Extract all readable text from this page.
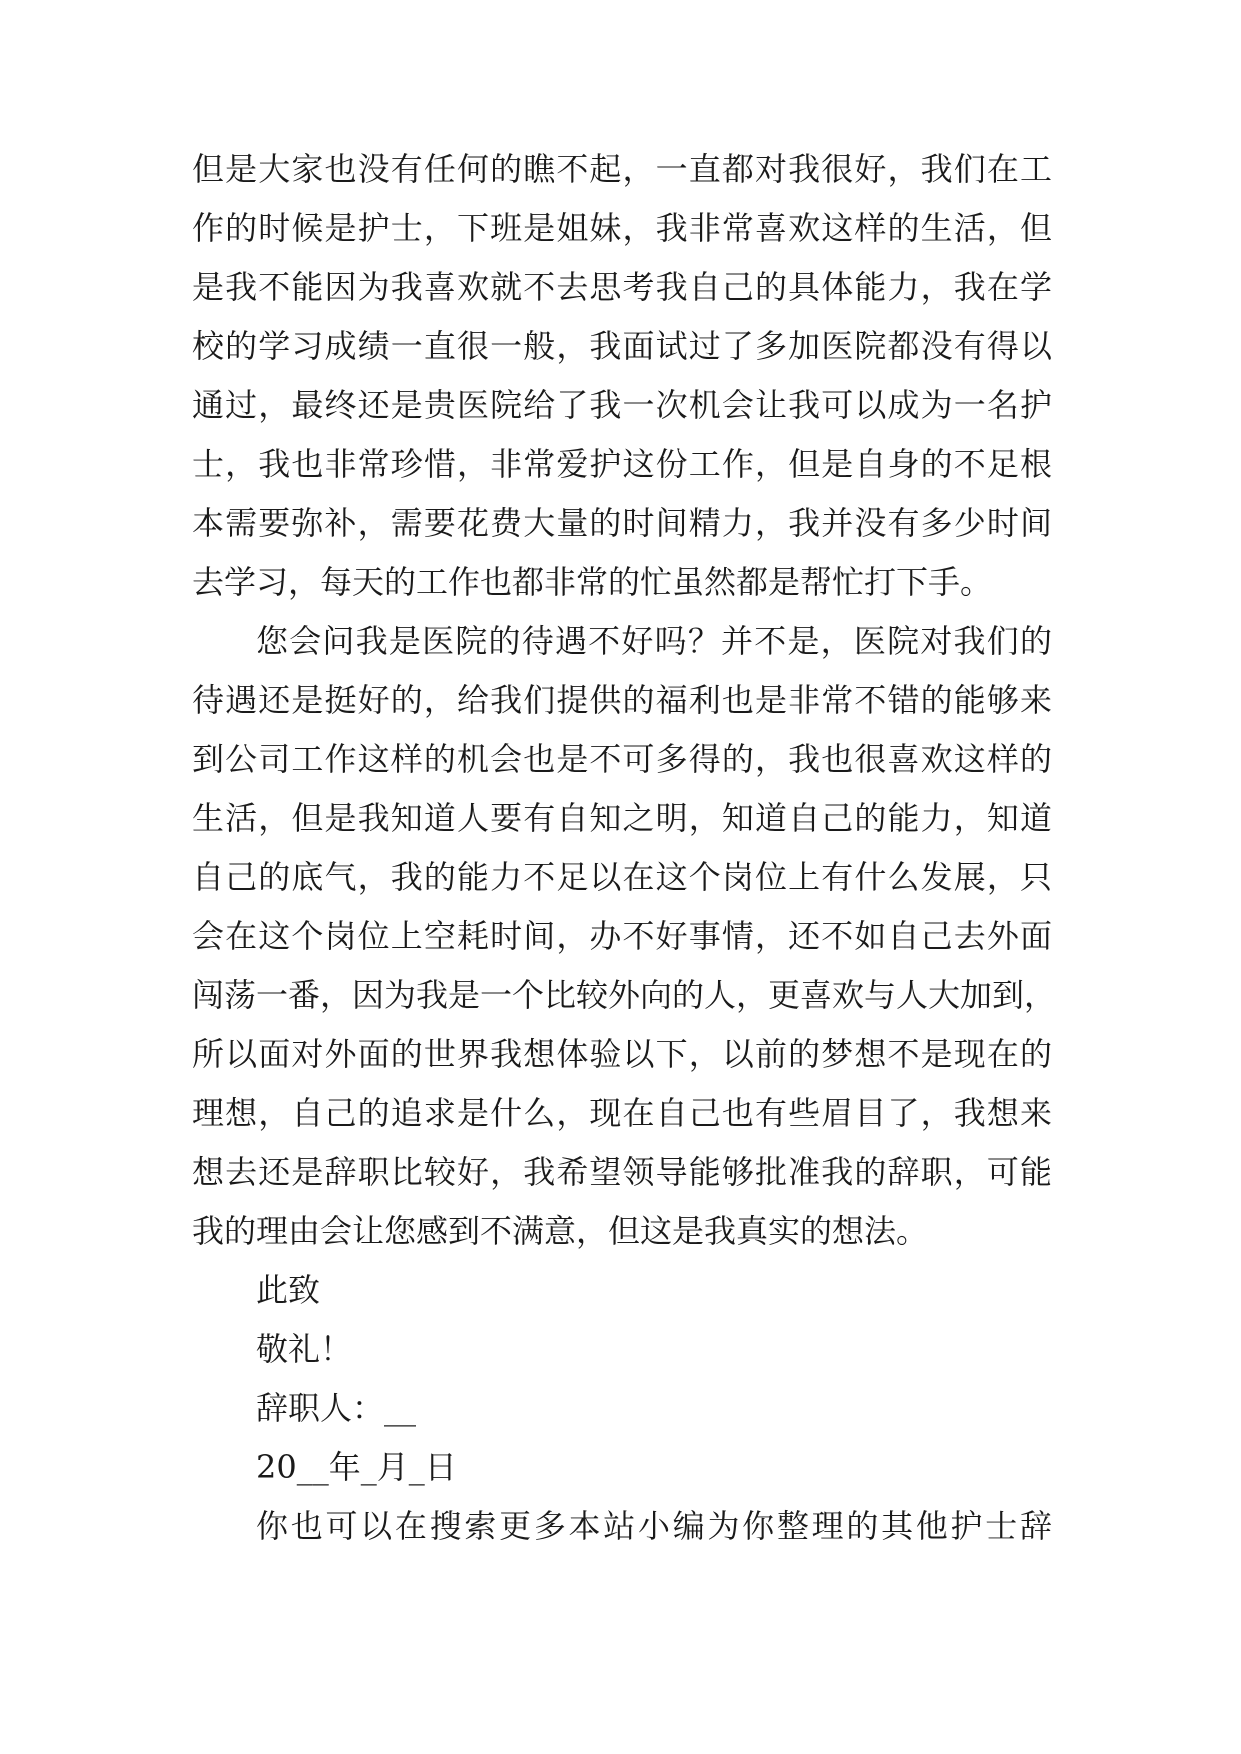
但是大家也没有任何的瞧不起，一直都对我很好，我们在工
作的时候是护士，下班是姐妹，我非常喜欢这样的生活，但
是我不能因为我喜欢就不去思考我自己的具体能力，我在学
校的学习成绩一直很一般，我面试过了多加医院都没有得以
通过，最终还是贵医院给了我一次机会让我可以成为一名护
士，我也非常珍惜，非常爱护这份工作，但是自身的不足根
本需要弥补，需要花费大量的时间精力，我并没有多少时间
去学习，每天的工作也都非常的忙虽然都是帮忙打下手。
您会问我是医院的待遇不好吗？并不是，医院对我们的
待遇还是挺好的，给我们提供的福利也是非常不错的能够来
到公司工作这样的机会也是不可多得的，我也很喜欢这样的
生活，但是我知道人要有自知之明，知道自己的能力，知道
自己的底气，我的能力不足以在这个岗位上有什么发展，只
会在这个岗位上空耗时间，办不好事情，还不如自己去外面
闯荡一番，因为我是一个比较外向的人，更喜欢与人大加到，
所以面对外面的世界我想体验以下，以前的梦想不是现在的
理想，自己的追求是什么，现在自己也有些眉目了，我想来
想去还是辞职比较好，我希望领导能够批准我的辞职，可能
我的理由会让您感到不满意，但这是我真实的想法。
此致
敬礼！
辞职人：__
20__年_月_日
你也可以在搜索更多本站小编为你整理的其他护士辞
